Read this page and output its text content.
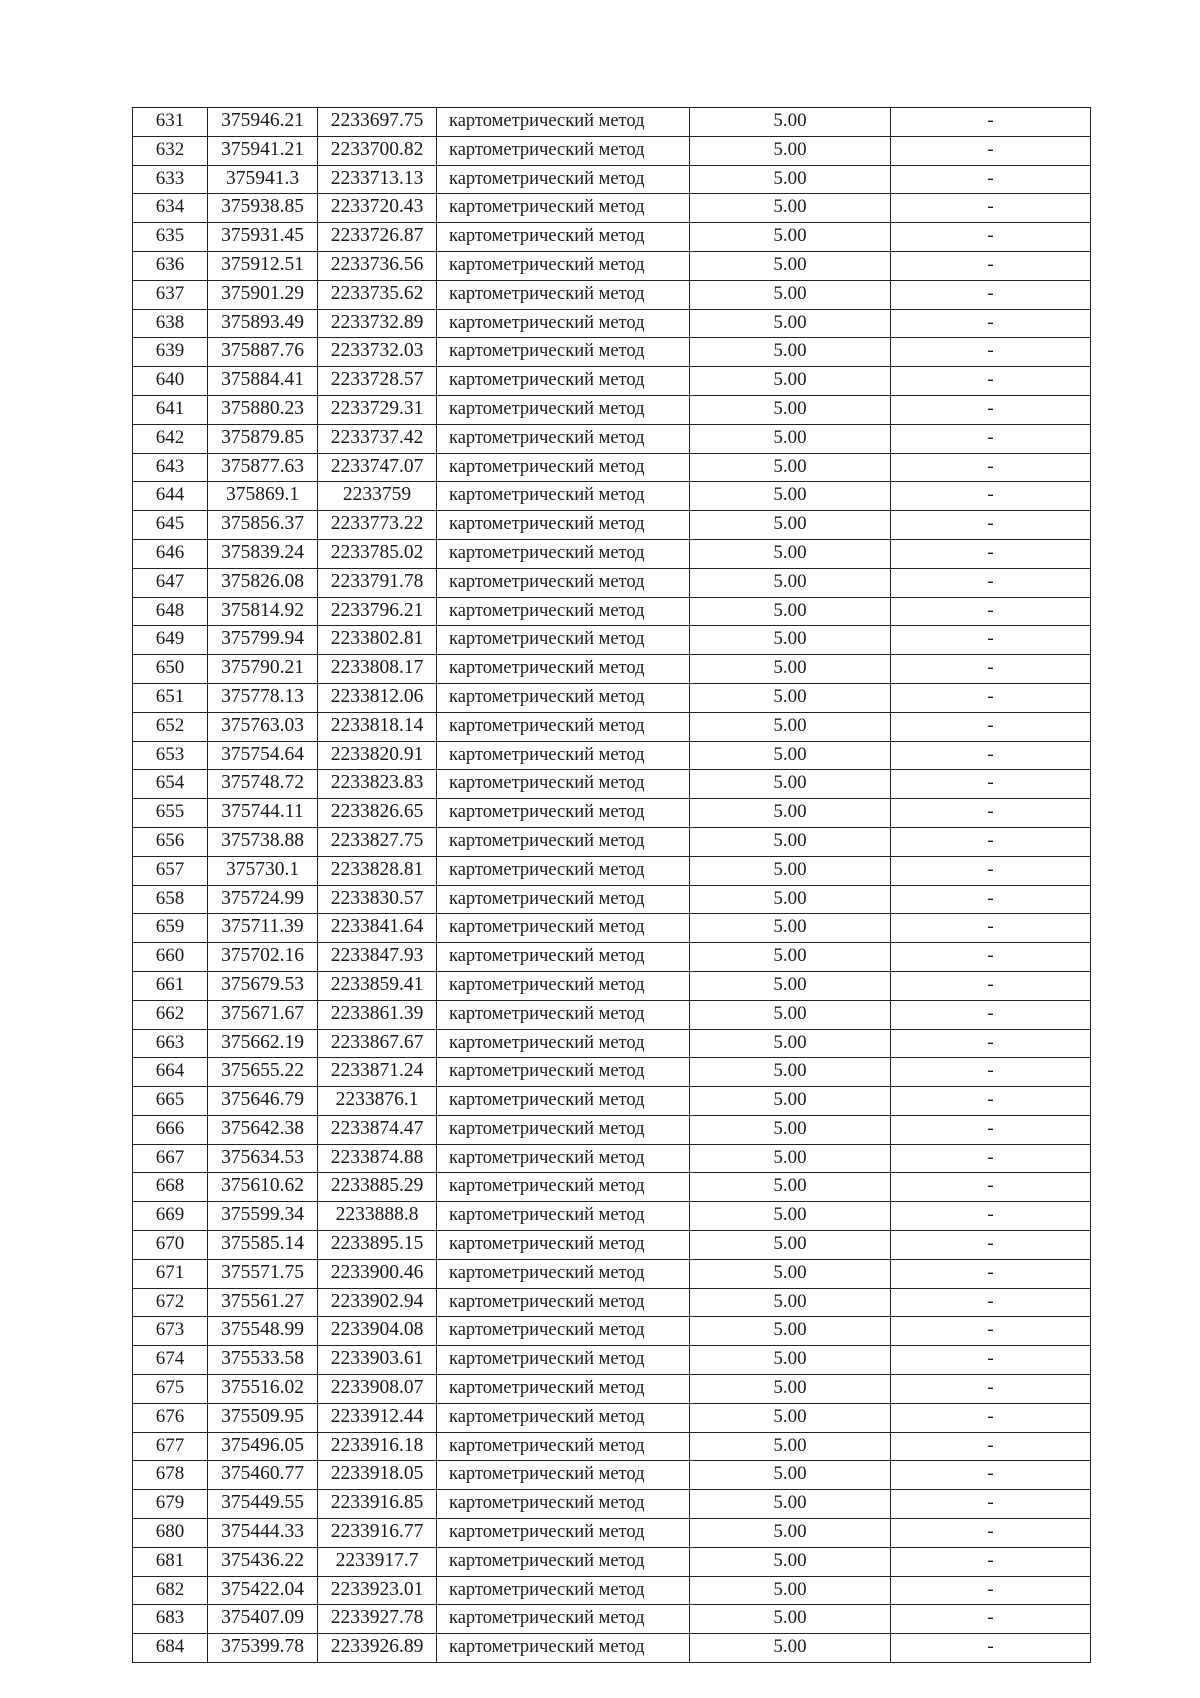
631	375946.21	2233697.75	картометрический метод	5.00	-
632	375941.21	2233700.82	картометрический метод	5.00	-
633	375941.3	2233713.13	картометрический метод	5.00	-
634	375938.85	2233720.43	картометрический метод	5.00	-
635	375931.45	2233726.87	картометрический метод	5.00	-
636	375912.51	2233736.56	картометрический метод	5.00	-
637	375901.29	2233735.62	картометрический метод	5.00	-
638	375893.49	2233732.89	картометрический метод	5.00	-
639	375887.76	2233732.03	картометрический метод	5.00	-
640	375884.41	2233728.57	картометрический метод	5.00	-
641	375880.23	2233729.31	картометрический метод	5.00	-
642	375879.85	2233737.42	картометрический метод	5.00	-
643	375877.63	2233747.07	картометрический метод	5.00	-
644	375869.1	2233759	картометрический метод	5.00	-
645	375856.37	2233773.22	картометрический метод	5.00	-
646	375839.24	2233785.02	картометрический метод	5.00	-
647	375826.08	2233791.78	картометрический метод	5.00	-
648	375814.92	2233796.21	картометрический метод	5.00	-
649	375799.94	2233802.81	картометрический метод	5.00	-
650	375790.21	2233808.17	картометрический метод	5.00	-
651	375778.13	2233812.06	картометрический метод	5.00	-
652	375763.03	2233818.14	картометрический метод	5.00	-
653	375754.64	2233820.91	картометрический метод	5.00	-
654	375748.72	2233823.83	картометрический метод	5.00	-
655	375744.11	2233826.65	картометрический метод	5.00	-
656	375738.88	2233827.75	картометрический метод	5.00	-
657	375730.1	2233828.81	картометрический метод	5.00	-
658	375724.99	2233830.57	картометрический метод	5.00	-
659	375711.39	2233841.64	картометрический метод	5.00	-
660	375702.16	2233847.93	картометрический метод	5.00	-
661	375679.53	2233859.41	картометрический метод	5.00	-
662	375671.67	2233861.39	картометрический метод	5.00	-
663	375662.19	2233867.67	картометрический метод	5.00	-
664	375655.22	2233871.24	картометрический метод	5.00	-
665	375646.79	2233876.1	картометрический метод	5.00	-
666	375642.38	2233874.47	картометрический метод	5.00	-
667	375634.53	2233874.88	картометрический метод	5.00	-
668	375610.62	2233885.29	картометрический метод	5.00	-
669	375599.34	2233888.8	картометрический метод	5.00	-
670	375585.14	2233895.15	картометрический метод	5.00	-
671	375571.75	2233900.46	картометрический метод	5.00	-
672	375561.27	2233902.94	картометрический метод	5.00	-
673	375548.99	2233904.08	картометрический метод	5.00	-
674	375533.58	2233903.61	картометрический метод	5.00	-
675	375516.02	2233908.07	картометрический метод	5.00	-
676	375509.95	2233912.44	картометрический метод	5.00	-
677	375496.05	2233916.18	картометрический метод	5.00	-
678	375460.77	2233918.05	картометрический метод	5.00	-
679	375449.55	2233916.85	картометрический метод	5.00	-
680	375444.33	2233916.77	картометрический метод	5.00	-
681	375436.22	2233917.7	картометрический метод	5.00	-
682	375422.04	2233923.01	картометрический метод	5.00	-
683	375407.09	2233927.78	картометрический метод	5.00	-
684	375399.78	2233926.89	картометрический метод	5.00	-
